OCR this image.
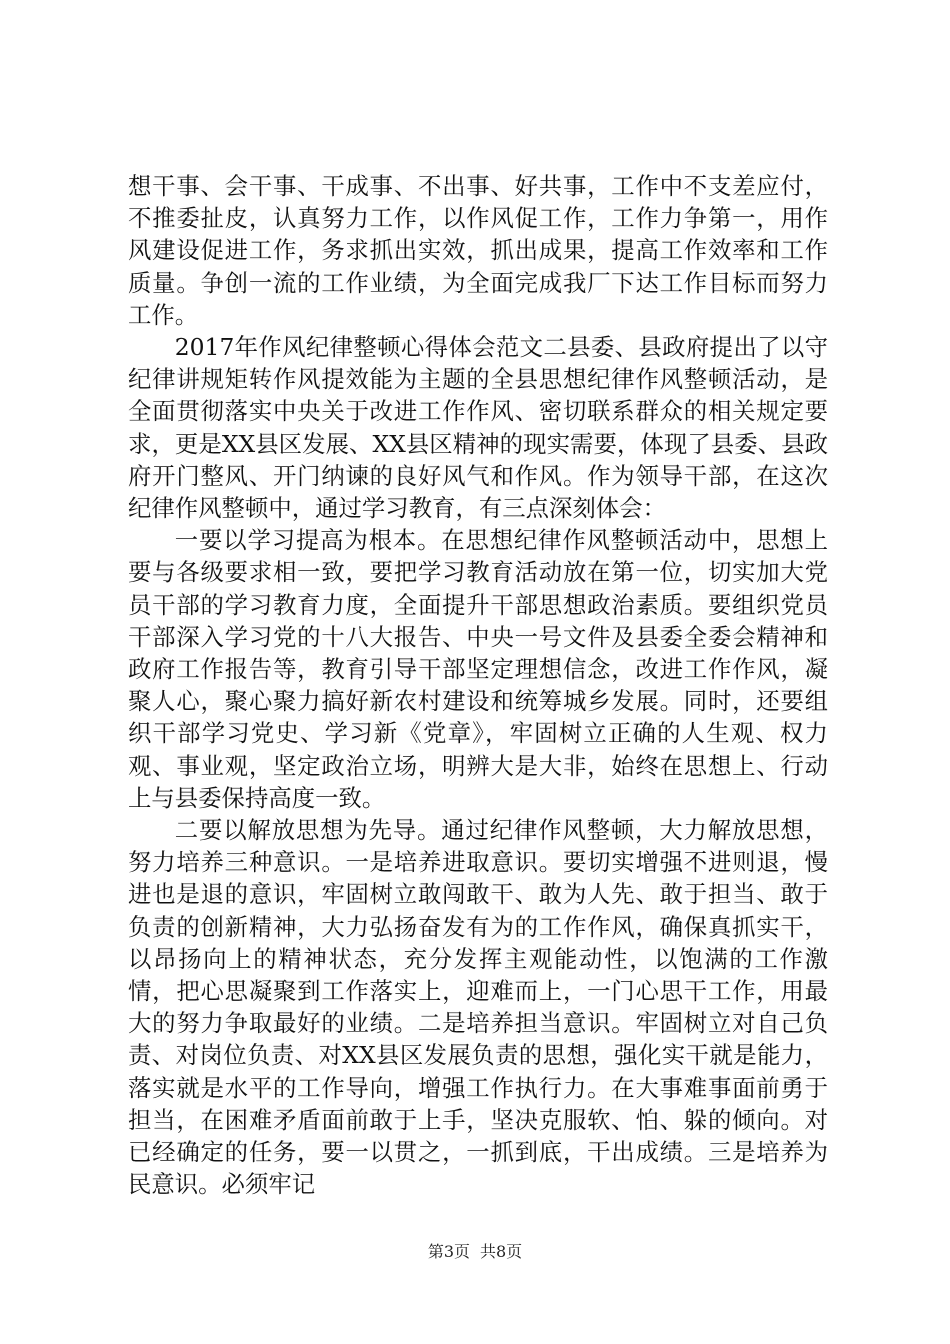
想干事、会干事、干成事、不出事、好共事，工作中不支差应付，不推委扯皮，认真努力工作，以作风促工作，工作力争第一，用作风建设促进工作，务求抓出实效，抓出成果，提高工作效率和工作质量。争创一流的工作业绩，为全面完成我厂下达工作目标而努力工作。

2017年作风纪律整顿心得体会范文二县委、县政府提出了以守纪律讲规矩转作风提效能为主题的全县思想纪律作风整顿活动，是全面贯彻落实中央关于改进工作作风、密切联系群众的相关规定要求，更是XX县区发展、XX县区精神的现实需要，体现了县委、县政府开门整风、开门纳谏的良好风气和作风。作为领导干部，在这次纪律作风整顿中，通过学习教育，有三点深刻体会：

一要以学习提高为根本。在思想纪律作风整顿活动中，思想上要与各级要求相一致，要把学习教育活动放在第一位，切实加大党员干部的学习教育力度，全面提升干部思想政治素质。要组织党员干部深入学习党的十八大报告、中央一号文件及县委全委会精神和政府工作报告等，教育引导干部坚定理想信念，改进工作作风，凝聚人心，聚心聚力搞好新农村建设和统筹城乡发展。同时，还要组织干部学习党史、学习新《党章》，牢固树立正确的人生观、权力观、事业观，坚定政治立场，明辨大是大非，始终在思想上、行动上与县委保持高度一致。

二要以解放思想为先导。通过纪律作风整顿，大力解放思想，努力培养三种意识。一是培养进取意识。要切实增强不进则退，慢进也是退的意识，牢固树立敢闯敢干、敢为人先、敢于担当、敢于负责的创新精神，大力弘扬奋发有为的工作作风，确保真抓实干，以昂扬向上的精神状态，充分发挥主观能动性，以饱满的工作激情，把心思凝聚到工作落实上，迎难而上，一门心思干工作，用最大的努力争取最好的业绩。二是培养担当意识。牢固树立对自己负责、对岗位负责、对XX县区发展负责的思想，强化实干就是能力，落实就是水平的工作导向，增强工作执行力。在大事难事面前勇于担当，在困难矛盾面前敢于上手，坚决克服软、怕、躲的倾向。对已经确定的任务，要一以贯之，一抓到底，干出成绩。三是培养为民意识。必须牢记

第3页 共8页
